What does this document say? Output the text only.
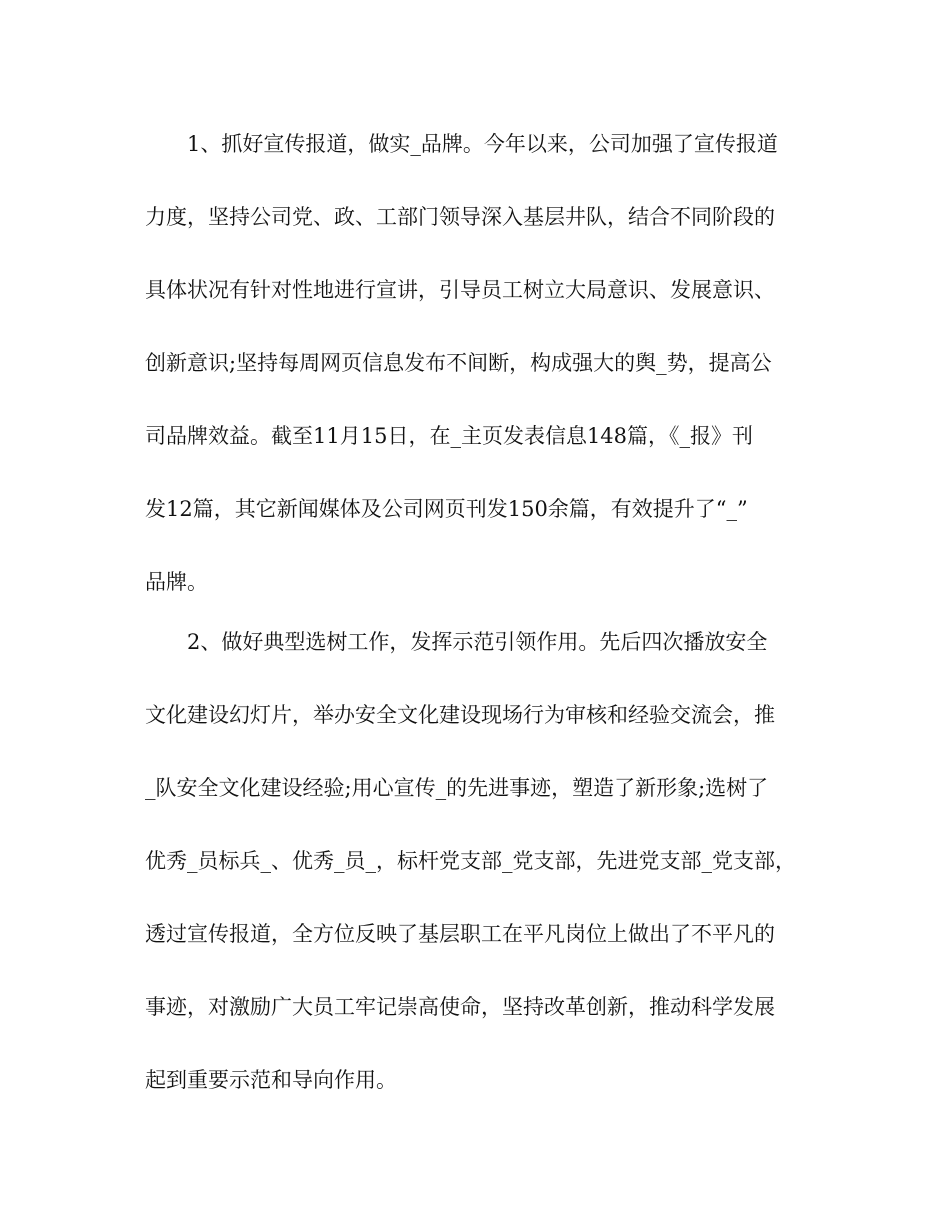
1、抓好宣传报道，做实_品牌。今年以来，公司加强了宣传报道

力度，坚持公司党、政、工部门领导深入基层井队，结合不同阶段的

具体状况有针对性地进行宣讲，引导员工树立大局意识、发展意识、

创新意识;坚持每周网页信息发布不间断，构成强大的舆_势，提高公

司品牌效益。截至11月15日，在_主页发表信息148篇，《_报》刊

发12篇，其它新闻媒体及公司网页刊发150余篇，有效提升了“_”

品牌。

2、做好典型选树工作，发挥示范引领作用。先后四次播放安全

文化建设幻灯片，举办安全文化建设现场行为审核和经验交流会，推

_队安全文化建设经验;用心宣传_的先进事迹，塑造了新形象;选树了

优秀_员标兵_、优秀_员_，标杆党支部_党支部，先进党支部_党支部，

透过宣传报道，全方位反映了基层职工在平凡岗位上做出了不平凡的

事迹，对激励广大员工牢记崇高使命，坚持改革创新，推动科学发展

起到重要示范和导向作用。
